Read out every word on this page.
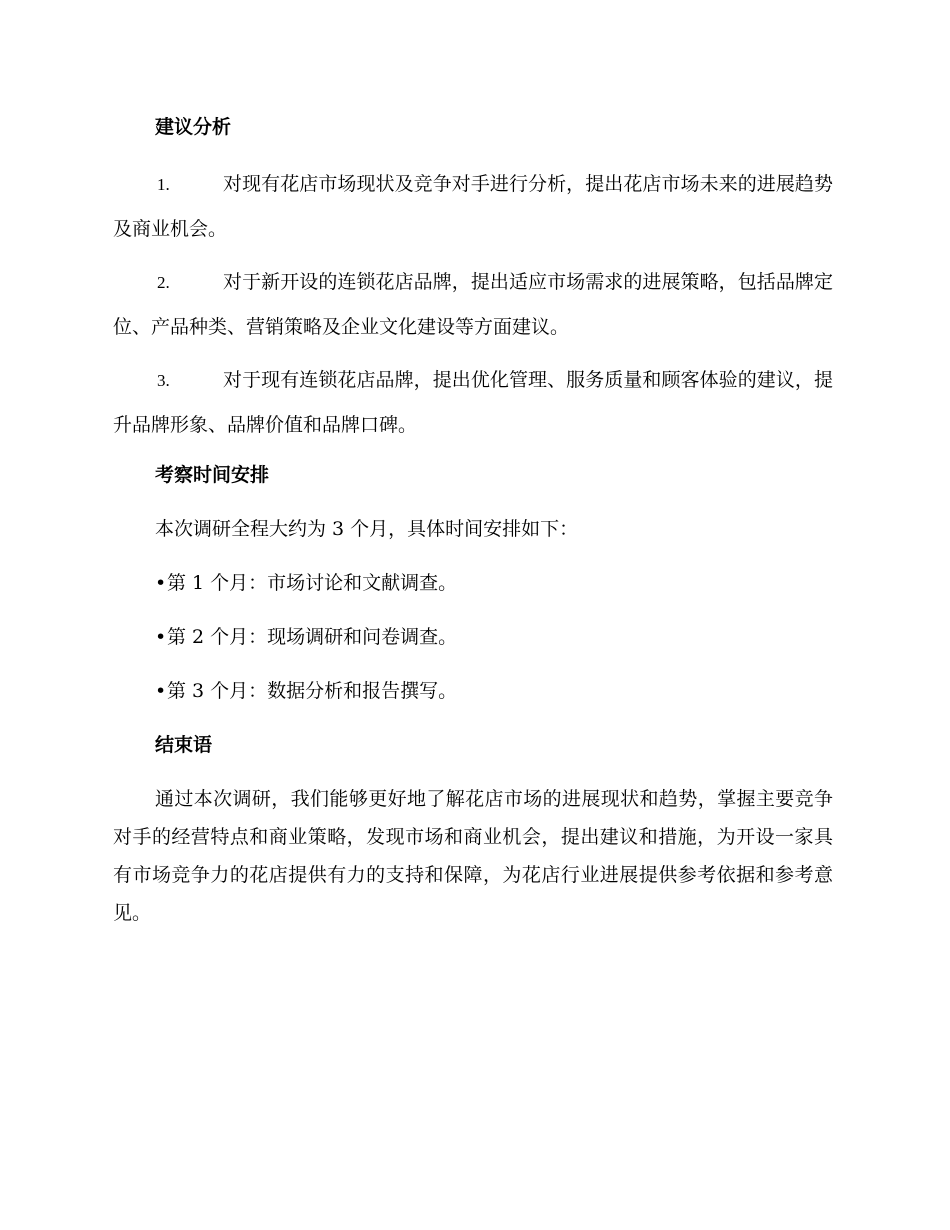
建议分析
1.	对现有花店市场现状及竞争对手进行分析，提出花店市场未来的进展趋势及商业机会。
2.	对于新开设的连锁花店品牌，提出适应市场需求的进展策略，包括品牌定位、产品种类、营销策略及企业文化建设等方面建议。
3.	对于现有连锁花店品牌，提出优化管理、服务质量和顾客体验的建议，提升品牌形象、品牌价值和品牌口碑。
考察时间安排
本次调研全程大约为 3 个月，具体时间安排如下：
•第 1 个月：市场讨论和文献调查。
•第 2 个月：现场调研和问卷调查。
•第 3 个月：数据分析和报告撰写。
结束语
通过本次调研，我们能够更好地了解花店市场的进展现状和趋势，掌握主要竞争对手的经营特点和商业策略，发现市场和商业机会，提出建议和措施，为开设一家具有市场竞争力的花店提供有力的支持和保障，为花店行业进展提供参考依据和参考意见。
